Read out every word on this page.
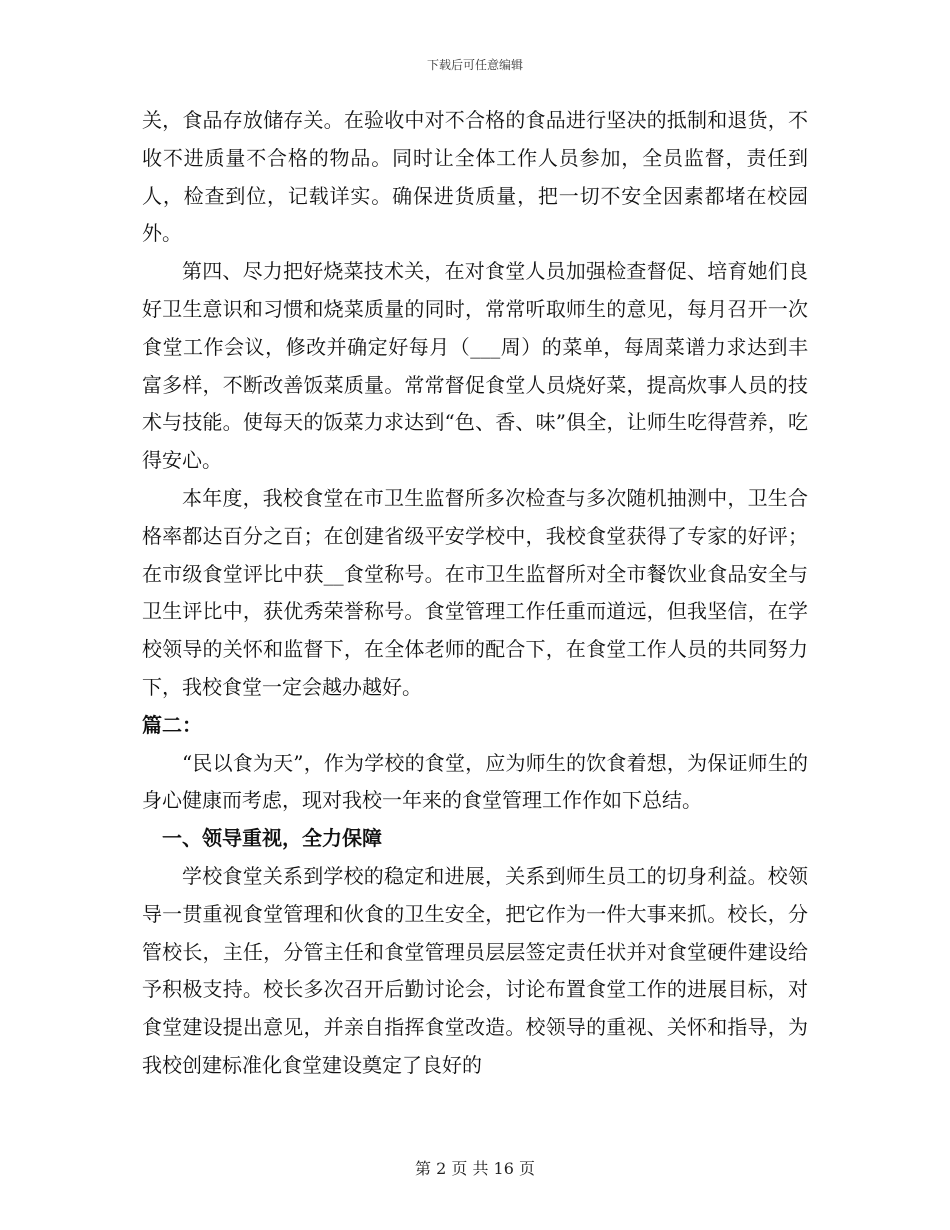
下载后可任意编辑

关，食品存放储存关。在验收中对不合格的食品进行坚决的抵制和退货，不收不进质量不合格的物品。同时让全体工作人员参加，全员监督，责任到人，检查到位，记载详实。确保进货质量，把一切不安全因素都堵在校园外。

第四、尽力把好烧菜技术关，在对食堂人员加强检查督促、培育她们良好卫生意识和习惯和烧菜质量的同时，常常听取师生的意见，每月召开一次食堂工作会议，修改并确定好每月（___周）的菜单，每周菜谱力求达到丰富多样，不断改善饭菜质量。常常督促食堂人员烧好菜，提高炊事人员的技术与技能。使每天的饭菜力求达到“色、香、味”俱全，让师生吃得营养，吃得安心。

本年度，我校食堂在市卫生监督所多次检查与多次随机抽测中，卫生合格率都达百分之百；在创建省级平安学校中，我校食堂获得了专家的好评；在市级食堂评比中获__食堂称号。在市卫生监督所对全市餐饮业食品安全与卫生评比中，获优秀荣誉称号。食堂管理工作任重而道远，但我坚信，在学校领导的关怀和监督下，在全体老师的配合下，在食堂工作人员的共同努力下，我校食堂一定会越办越好。

篇二：

“民以食为天”，作为学校的食堂，应为师生的饮食着想，为保证师生的身心健康而考虑，现对我校一年来的食堂管理工作作如下总结。

一、领导重视，全力保障

学校食堂关系到学校的稳定和进展，关系到师生员工的切身利益。校领导一贯重视食堂管理和伙食的卫生安全，把它作为一件大事来抓。校长，分管校长，主任，分管主任和食堂管理员层层签定责任状并对食堂硬件建设给予积极支持。校长多次召开后勤讨论会，讨论布置食堂工作的进展目标，对食堂建设提出意见，并亲自指挥食堂改造。校领导的重视、关怀和指导，为我校创建标准化食堂建设奠定了良好的

第 2 页 共 16 页
